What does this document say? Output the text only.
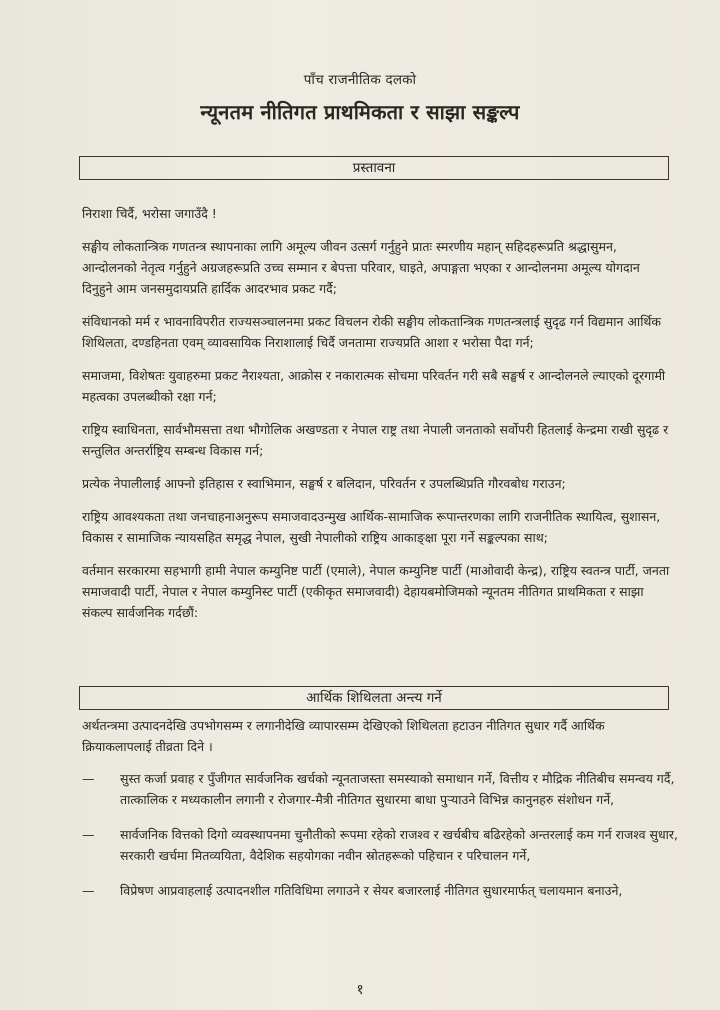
पाँच राजनीतिक दलको
न्यूनतम नीतिगत प्राथमिकता र साझा सङ्कल्प
प्रस्तावना

निराशा चिर्दै, भरोसा जगाउँदै !

सङ्घीय लोकतान्त्रिक गणतन्त्र स्थापनाका लागि अमूल्य जीवन उत्सर्ग गर्नुहुने प्रातः स्मरणीय महान् सहिदहरूप्रति श्रद्धासुमन, आन्दोलनको नेतृत्व गर्नुहुने अग्रजहरूप्रति उच्च सम्मान र बेपत्ता परिवार, घाइते, अपाङ्गता भएका र आन्दोलनमा अमूल्य योगदान दिनुहुने आम जनसमुदायप्रति हार्दिक आदरभाव प्रकट गर्दै;

संविधानको मर्म र भावनाविपरीत राज्यसञ्चालनमा प्रकट विचलन रोकी सङ्घीय लोकतान्त्रिक गणतन्त्रलाई सुदृढ गर्न विद्यमान आर्थिक शिथिलता, दण्डहिनता एवम् व्यावसायिक निराशालाई चिर्दै जनतामा राज्यप्रति आशा र भरोसा पैदा गर्न;

समाजमा, विशेषतः युवाहरुमा प्रकट नैराश्यता, आक्रोस र नकारात्मक सोचमा परिवर्तन गरी सबै सङ्घर्ष र आन्दोलनले ल्याएको दूरगामी महत्वका उपलब्धीको रक्षा गर्न;

राष्ट्रिय स्वाधिनता, सार्वभौमसत्ता तथा भौगोलिक अखण्डता र नेपाल राष्ट्र तथा नेपाली जनताको सर्वोपरी हितलाई केन्द्रमा राखी सुदृढ र सन्तुलित अन्तर्राष्ट्रिय सम्बन्ध विकास गर्न;

प्रत्येक नेपालीलाई आफ्नो इतिहास र स्वाभिमान, सङ्घर्ष र बलिदान, परिवर्तन र उपलब्धिप्रति गौरवबोध गराउन;

राष्ट्रिय आवश्यकता तथा जनचाहनाअनुरूप समाजवादउन्मुख आर्थिक-सामाजिक रूपान्तरणका लागि राजनीतिक स्थायित्व, सुशासन, विकास र सामाजिक न्यायसहित समृद्ध नेपाल, सुखी नेपालीको राष्ट्रिय आकाङ्क्षा पूरा गर्ने सङ्कल्पका साथ;

वर्तमान सरकारमा सहभागी हामी नेपाल कम्युनिष्ट पार्टी (एमाले), नेपाल कम्युनिष्ट पार्टी (माओवादी केन्द्र), राष्ट्रिय स्वतन्त्र पार्टी, जनता समाजवादी पार्टी, नेपाल र नेपाल कम्युनिस्ट पार्टी (एकीकृत समाजवादी) देहायबमोजिमको न्यूनतम नीतिगत प्राथमिकता र साझा संकल्प सार्वजनिक गर्दछौं:

आर्थिक शिथिलता अन्त्य गर्ने

अर्थतन्त्रमा उत्पादनदेखि उपभोगसम्म र लगानीदेखि व्यापारसम्म देखिएको शिथिलता हटाउन नीतिगत सुधार गर्दै आर्थिक क्रियाकलापलाई तीव्रता दिने ।

—	सुस्त कर्जा प्रवाह र पुँजीगत सार्वजनिक खर्चको न्यूनताजस्ता समस्याको समाधान गर्ने, वित्तीय र मौद्रिक नीतिबीच समन्वय गर्दै, तात्कालिक र मध्यकालीन लगानी र रोजगार-मैत्री नीतिगत सुधारमा बाधा पुऱ्याउने विभिन्न कानुनहरु संशोधन गर्ने,
—	सार्वजनिक वित्तको दिगो व्यवस्थापनमा चुनौतीको रूपमा रहेको राजश्व र खर्चबीच बढिरहेको अन्तरलाई कम गर्न राजश्व सुधार, सरकारी खर्चमा मितव्ययिता, वैदेशिक सहयोगका नवीन स्रोतहरूको पहिचान र परिचालन गर्ने,
—	विप्रेषण आप्रवाहलाई उत्पादनशील गतिविधिमा लगाउने र सेयर बजारलाई नीतिगत सुधारमार्फत् चलायमान बनाउने,
१
